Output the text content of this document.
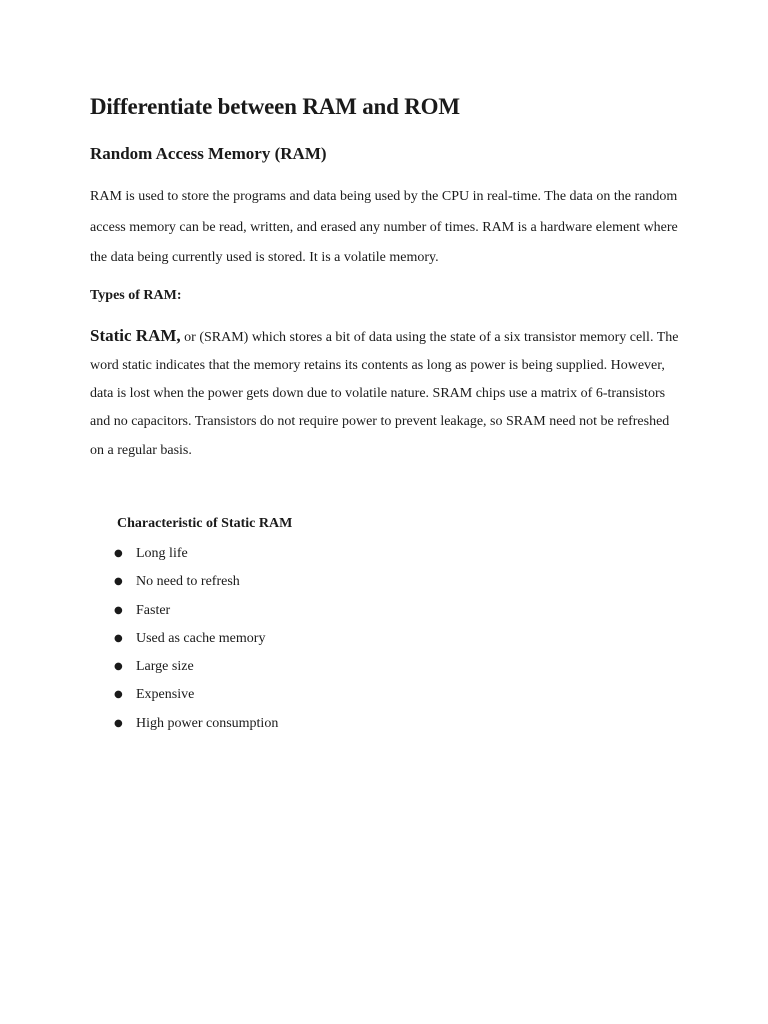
Differentiate between RAM and ROM
Random Access Memory (RAM)

RAM is used to store the programs and data being used by the CPU in real-time. The data on the random access memory can be read, written, and erased any number of times. RAM is a hardware element where the data being currently used is stored. It is a volatile memory.

Types of RAM:

Static RAM, or (SRAM) which stores a bit of data using the state of a six transistor memory cell. The word static indicates that the memory retains its contents as long as power is being supplied. However, data is lost when the power gets down due to volatile nature. SRAM chips use a matrix of 6-transistors and no capacitors. Transistors do not require power to prevent leakage, so SRAM need not be refreshed on a regular basis.

Characteristic of Static RAM
● Long life
● No need to refresh
● Faster
● Used as cache memory
● Large size
● Expensive
● High power consumption
